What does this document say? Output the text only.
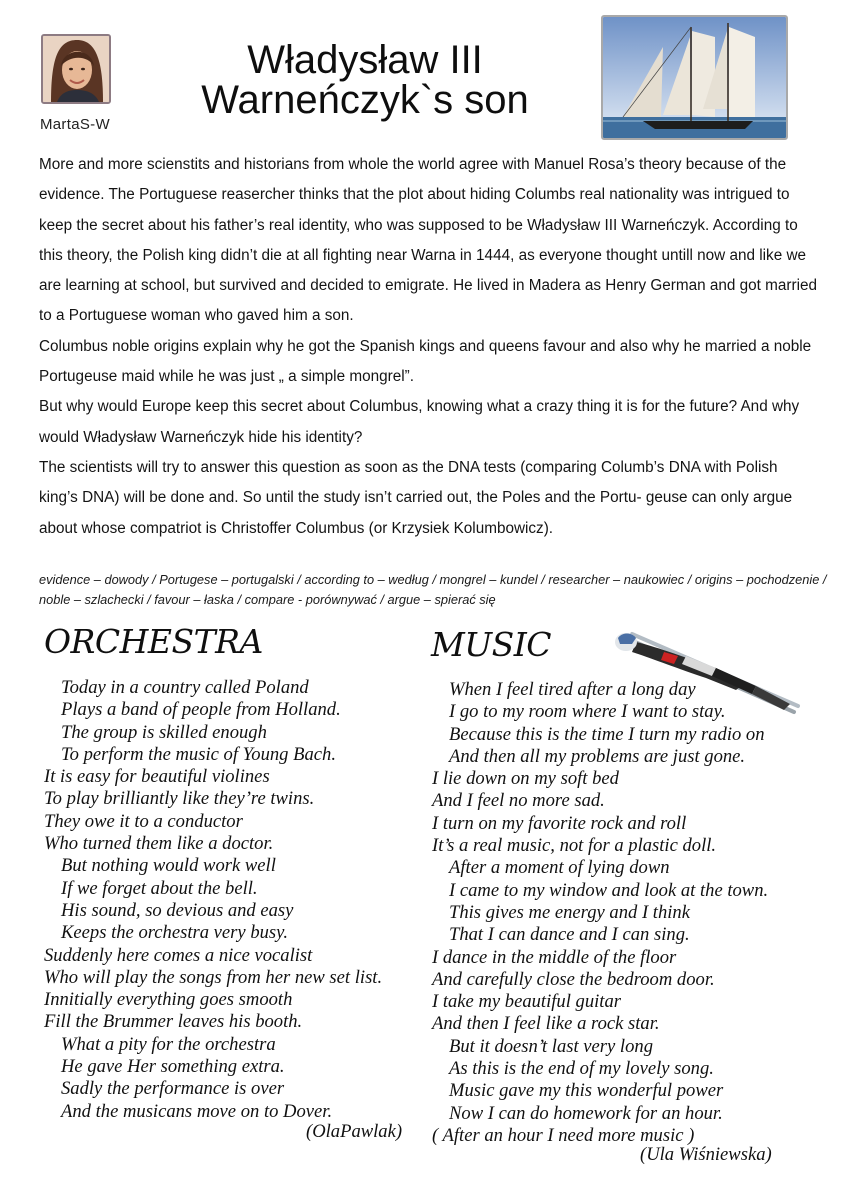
MartaS-W
Władysław III
Warneńczyk`s son

More and more scienstits and historians from whole the world agree with Manuel Rosa’s theory because of the evidence. The Portuguese reasercher thinks that the plot about hiding Columbs real nationality was intrigued to keep the secret about his father’s real identity, who was supposed to be Władysław III Warneńczyk. According to this theory, the Polish king didn’t die at all fighting near Warna in 1444, as everyone thought untill now and like we are learning at school, but survived and decided to emigrate. He lived in Madera as Henry German and got married to a Portuguese woman who gaved him a son.

Columbus noble origins explain why he got the Spanish kings and queens favour and also why he married a noble Portugeuse maid while he was just „ a simple mongrel”.

But why would Europe keep this secret about Columbus, knowing what a crazy thing it is for the future? And why would Władysław Warneńczyk hide his identity?

The scientists will try to answer this question as soon as the DNA tests (comparing Columb’s DNA with Polish king’s DNA) will be done and. So until the study isn’t carried out, the Poles and the Portu- geuse can only argue about whose compatriot is Christoffer Columbus (or Krzysiek Kolumbowicz).

evidence – dowody / Portugese – portugalski / according to – według / mongrel – kundel / researcher – naukowiec / origins – pochodzenie / noble – szlachecki / favour – łaska / compare - porównywać / argue – spierać się
ORCHESTRA
Today in a country called Poland
Plays a band of people from Holland.
The group is skilled enough
To perform the music of Young Bach.
It is easy for beautiful violines
To play brilliantly like they’re twins.
They owe it to a conductor
Who turned them like a doctor.
But nothing would work well
If we forget about the bell.
His sound, so devious and easy
Keeps the orchestra very busy.
Suddenly here comes a nice vocalist
Who will play the songs from her new set list.
Innitially everything goes smooth
Fill the Brummer leaves his booth.
What a pity for the orchestra
He gave Her something extra.
Sadly the performance is over
And the musicans move on to Dover.
(OlaPawlak)
MUSIC
When I feel tired after a long day
I go to my room where I want to stay.
Because this is the time I turn my radio on
And then all my problems are just gone.
I lie down on my soft bed
And I feel no more sad.
I turn on my favorite rock and roll
It’s a real music, not for a plastic doll.
After a moment of lying down
I came to my window and look at the town.
This gives me energy and I think
That I can dance and I can sing.
I dance in the middle of the floor
And carefully close the bedroom door.
I take my beautiful guitar
And then I feel like a rock star.
But it doesn’t last very long
As this is the end of my lovely song.
Music gave my this wonderful power
Now I can do homework for an hour.
( After an hour I need more music )
(Ula Wiśniewska)
